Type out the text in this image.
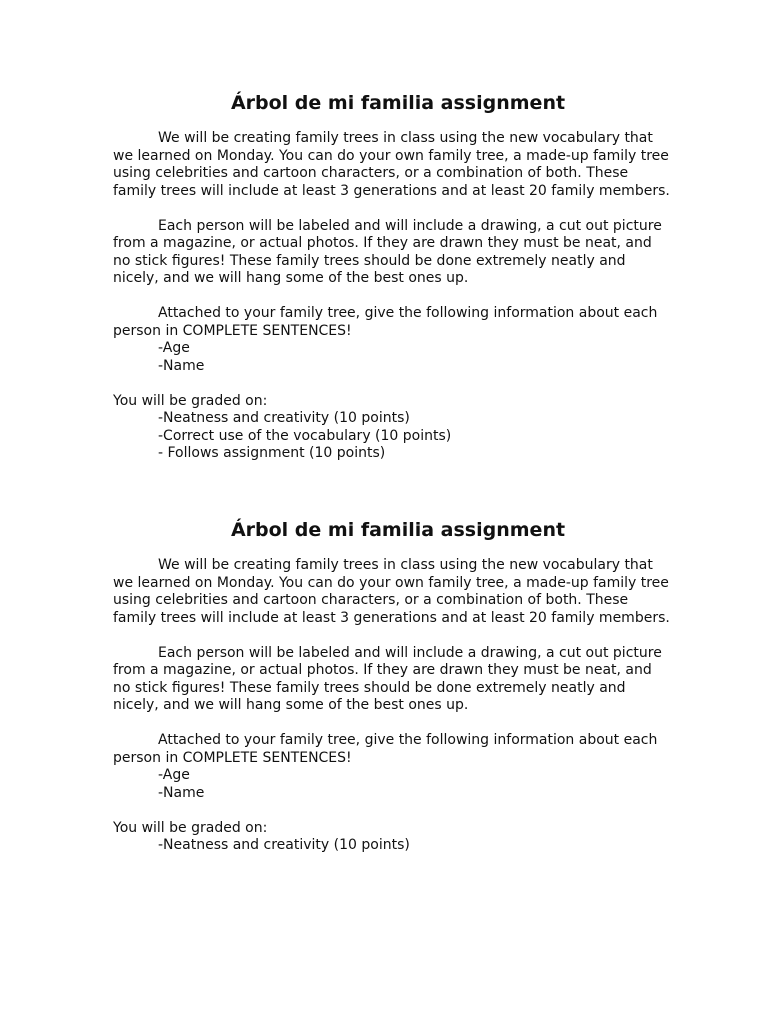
Árbol de mi familia assignment

We will be creating family trees in class using the new vocabulary that we learned on Monday. You can do your own family tree, a made-up family tree using celebrities and cartoon characters, or a combination of both. These family trees will include at least 3 generations and at least 20 family members.

Each person will be labeled and will include a drawing, a cut out picture from a magazine, or actual photos. If they are drawn they must be neat, and no stick figures! These family trees should be done extremely neatly and nicely, and we will hang some of the best ones up.

Attached to your family tree, give the following information about each person in COMPLETE SENTENCES!

-Age

-Name

You will be graded on:

-Neatness and creativity (10 points)

-Correct use of the vocabulary (10 points)

- Follows assignment (10 points)

Árbol de mi familia assignment

We will be creating family trees in class using the new vocabulary that we learned on Monday. You can do your own family tree, a made-up family tree using celebrities and cartoon characters, or a combination of both. These family trees will include at least 3 generations and at least 20 family members.

Each person will be labeled and will include a drawing, a cut out picture from a magazine, or actual photos. If they are drawn they must be neat, and no stick figures! These family trees should be done extremely neatly and nicely, and we will hang some of the best ones up.

Attached to your family tree, give the following information about each person in COMPLETE SENTENCES!

-Age

-Name

You will be graded on:

-Neatness and creativity (10 points)
